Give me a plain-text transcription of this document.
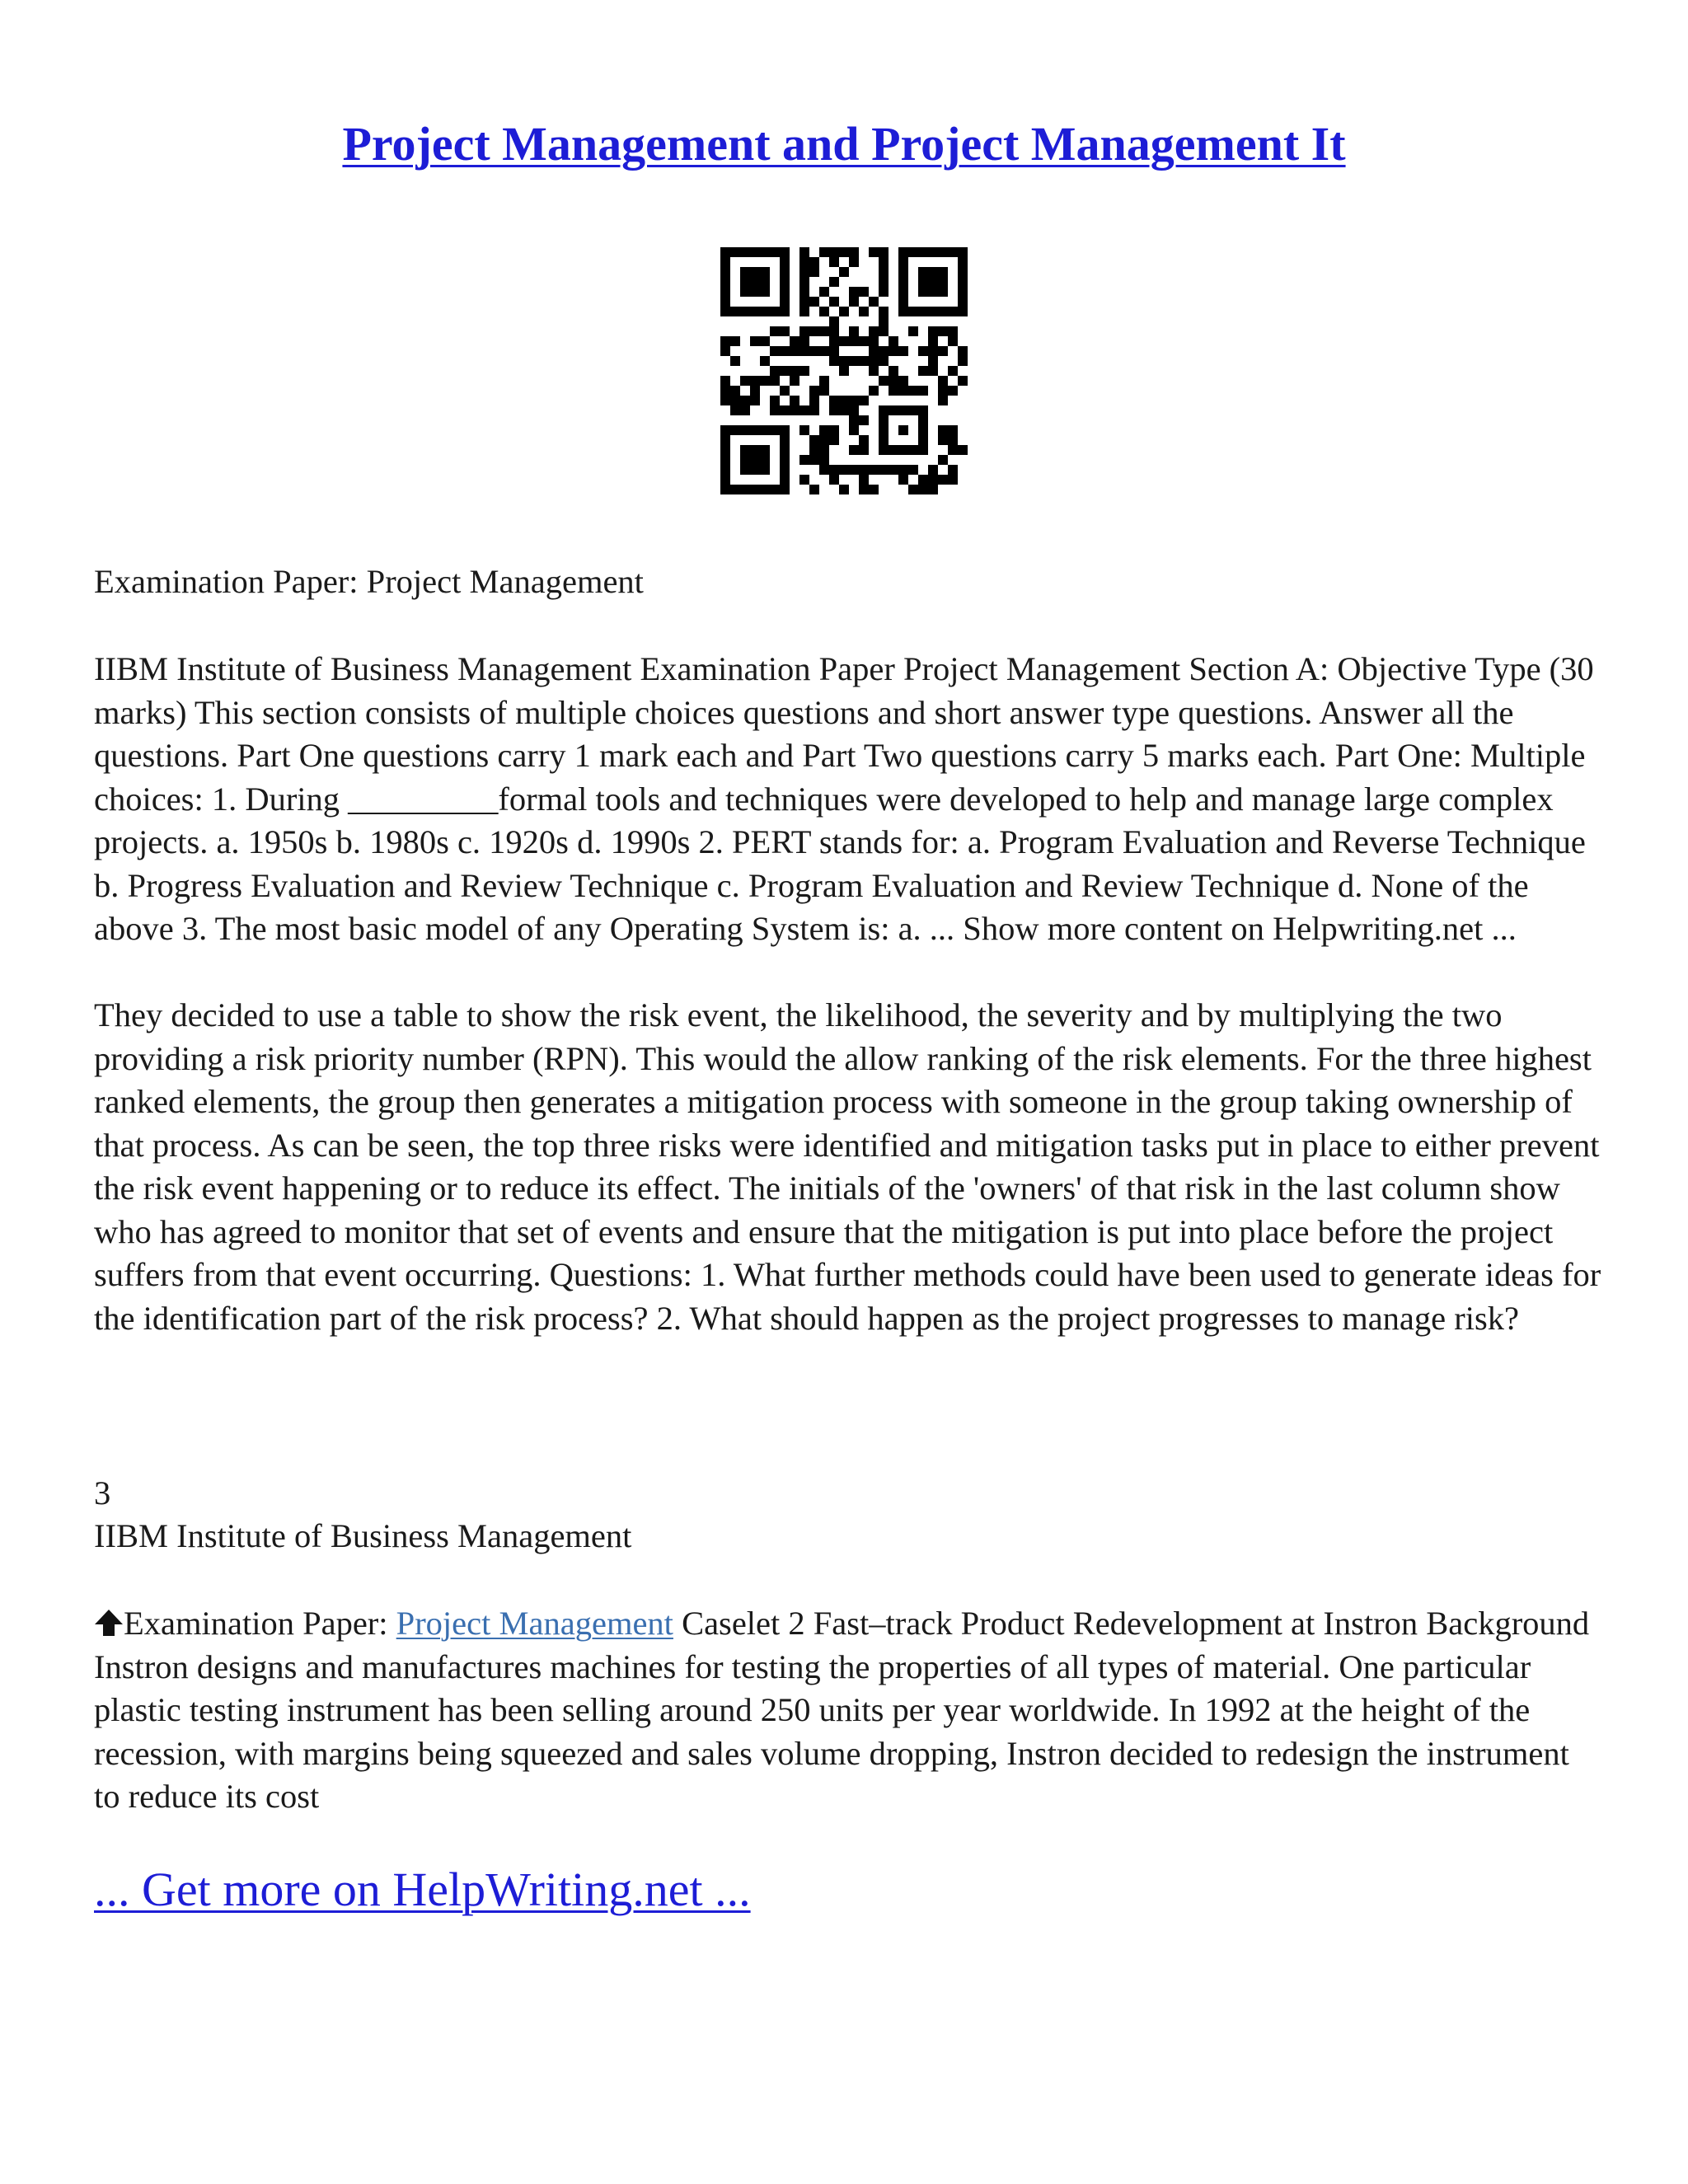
Project Management and Project Management It

Examination Paper: Project Management

IIBM Institute of Business Management Examination Paper Project Management Section A: Objective Type (30 marks) This section consists of multiple choices questions and short answer type questions. Answer all the questions. Part One questions carry 1 mark each and Part Two questions carry 5 marks each. Part One: Multiple choices: 1. During _________formal tools and techniques were developed to help and manage large complex projects. a. 1950s b. 1980s c. 1920s d. 1990s 2. PERT stands for: a. Program Evaluation and Reverse Technique b. Progress Evaluation and Review Technique c. Program Evaluation and Review Technique d. None of the above 3. The most basic model of any Operating System is: a. ... Show more content on Helpwriting.net ...

They decided to use a table to show the risk event, the likelihood, the severity and by multiplying the two providing a risk priority number (RPN). This would the allow ranking of the risk elements. For the three highest ranked elements, the group then generates a mitigation process with someone in the group taking ownership of that process. As can be seen, the top three risks were identified and mitigation tasks put in place to either prevent the risk event happening or to reduce its effect. The initials of the 'owners' of that risk in the last column show who has agreed to monitor that set of events and ensure that the mitigation is put into place before the project suffers from that event occurring. Questions: 1. What further methods could have been used to generate ideas for the identification part of the risk process? 2. What should happen as the project progresses to manage risk?

3

IIBM Institute of Business Management

Examination Paper: Project Management Caselet 2 Fast–track Product Redevelopment at Instron Background Instron designs and manufactures machines for testing the properties of all types of material. One particular plastic testing instrument has been selling around 250 units per year worldwide. In 1992 at the height of the recession, with margins being squeezed and sales volume dropping, Instron decided to redesign the instrument to reduce its cost

... Get more on HelpWriting.net ...
